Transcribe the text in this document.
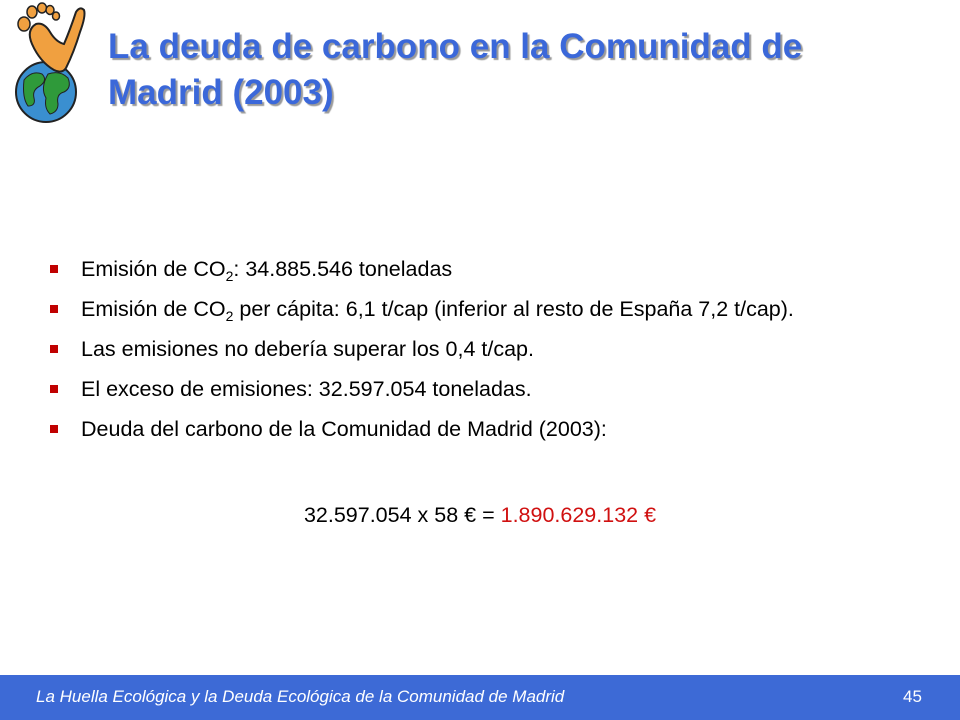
La deuda de carbono en la Comunidad de
Madrid (2003)
Emisión de $CO_2$: 34.885.546 toneladas
Emisión de $CO_2$ per cápita: 6,1 t/cap (inferior al resto de España 7,2 t/cap).
Las emisiones no debería superar los 0,4 t/cap.
El exceso de emisiones: 32.597.054 toneladas.
Deuda del carbono de la Comunidad de Madrid (2003):
32.597.054 x 58 € = 1.890.629.132 €
La Huella Ecológica y la Deuda Ecológica de la Comunidad de Madrid	45
